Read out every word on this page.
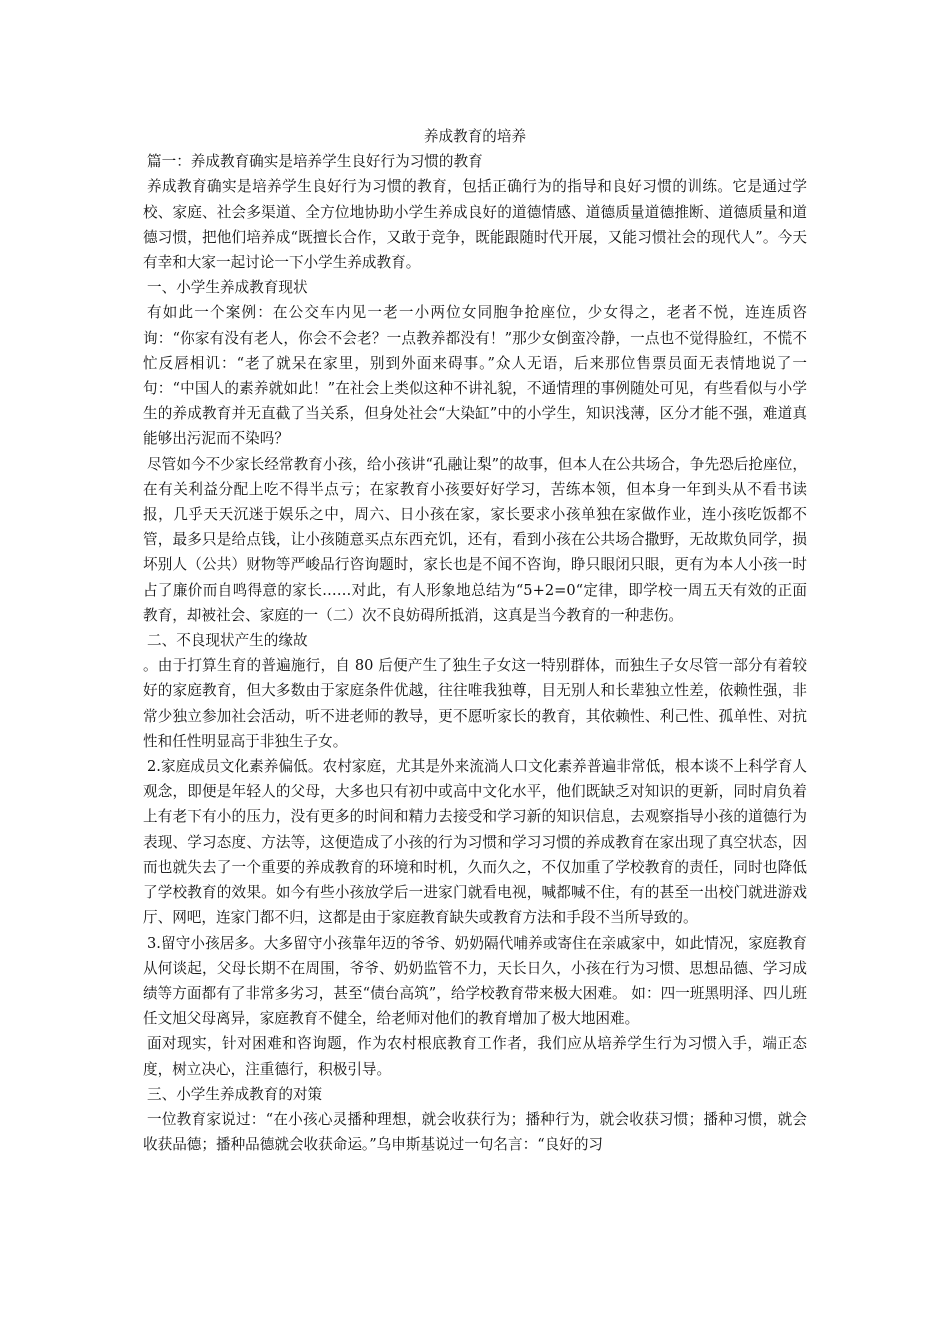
养成教育的培养

篇一：养成教育确实是培养学生良好行为习惯的教育

养成教育确实是培养学生良好行为习惯的教育，包括正确行为的指导和良好习惯的训练。它是通过学校、家庭、社会多渠道、全方位地协助小学生养成良好的道德情感、道德质量道德推断、道德质量和道德习惯，把他们培养成“既擅长合作，又敢于竞争，既能跟随时代开展，又能习惯社会的现代人”。今天有幸和大家一起讨论一下小学生养成教育。

一、小学生养成教育现状

有如此一个案例：在公交车内见一老一小两位女同胞争抢座位，少女得之，老者不悦，连连质咨询：“你家有没有老人，你会不会老？一点教养都没有！”那少女倒蛮冷静，一点也不觉得脸红，不慌不忙反唇相讥：“老了就呆在家里，别到外面来碍事。”众人无语，后来那位售票员面无表情地说了一句：“中国人的素养就如此！”在社会上类似这种不讲礼貌，不通情理的事例随处可见，有些看似与小学生的养成教育并无直截了当关系，但身处社会“大染缸”中的小学生，知识浅薄，区分才能不强，难道真能够出污泥而不染吗？

尽管如今不少家长经常教育小孩，给小孩讲“孔融让梨”的故事，但本人在公共场合，争先恐后抢座位，在有关利益分配上吃不得半点亏；在家教育小孩要好好学习，苦练本领，但本身一年到头从不看书读报，几乎天天沉迷于娱乐之中，周六、日小孩在家，家长要求小孩单独在家做作业，连小孩吃饭都不管，最多只是给点钱，让小孩随意买点东西充饥，还有，看到小孩在公共场合撒野，无故欺负同学，损坏别人（公共）财物等严峻品行咨询题时，家长也是不闻不咨询，睁只眼闭只眼，更有为本人小孩一时占了廉价而自鸣得意的家长……对此，有人形象地总结为“5+2=0“定律，即学校一周五天有效的正面教育，却被社会、家庭的一（二）次不良妨碍所抵消，这真是当今教育的一种悲伤。

二、不良现状产生的缘故

。由于打算生育的普遍施行，自 80 后便产生了独生子女这一特别群体，而独生子女尽管一部分有着较好的家庭教育，但大多数由于家庭条件优越，往往唯我独尊，目无别人和长辈独立性差，依赖性强，非常少独立参加社会活动，听不进老师的教导，更不愿听家长的教育，其依赖性、利己性、孤单性、对抗性和任性明显高于非独生子女。

2.家庭成员文化素养偏低。农村家庭，尤其是外来流淌人口文化素养普遍非常低，根本谈不上科学育人观念，即便是年轻人的父母，大多也只有初中或高中文化水平，他们既缺乏对知识的更新，同时肩负着上有老下有小的压力，没有更多的时间和精力去接受和学习新的知识信息，去观察指导小孩的道德行为表现、学习态度、方法等，这便造成了小孩的行为习惯和学习习惯的养成教育在家出现了真空状态，因而也就失去了一个重要的养成教育的环境和时机，久而久之，不仅加重了学校教育的责任，同时也降低了学校教育的效果。如今有些小孩放学后一进家门就看电视，喊都喊不住，有的甚至一出校门就进游戏厅、网吧，连家门都不归，这都是由于家庭教育缺失或教育方法和手段不当所导致的。

3.留守小孩居多。大多留守小孩靠年迈的爷爷、奶奶隔代哺养或寄住在亲戚家中，如此情况，家庭教育从何谈起，父母长期不在周围，爷爷、奶奶监管不力，天长日久，小孩在行为习惯、思想品德、学习成绩等方面都有了非常多劣习，甚至“债台高筑”，给学校教育带来极大困难。 如：四一班黑明泽、四儿班任文旭父母离异，家庭教育不健全，给老师对他们的教育增加了极大地困难。

面对现实，针对困难和咨询题，作为农村根底教育工作者，我们应从培养学生行为习惯入手，端正态度，树立决心，注重德行，积极引导。

三、小学生养成教育的对策

一位教育家说过：“在小孩心灵播种理想，就会收获行为；播种行为，就会收获习惯；播种习惯，就会收获品德；播种品德就会收获命运。”乌申斯基说过一句名言：“良好的习
